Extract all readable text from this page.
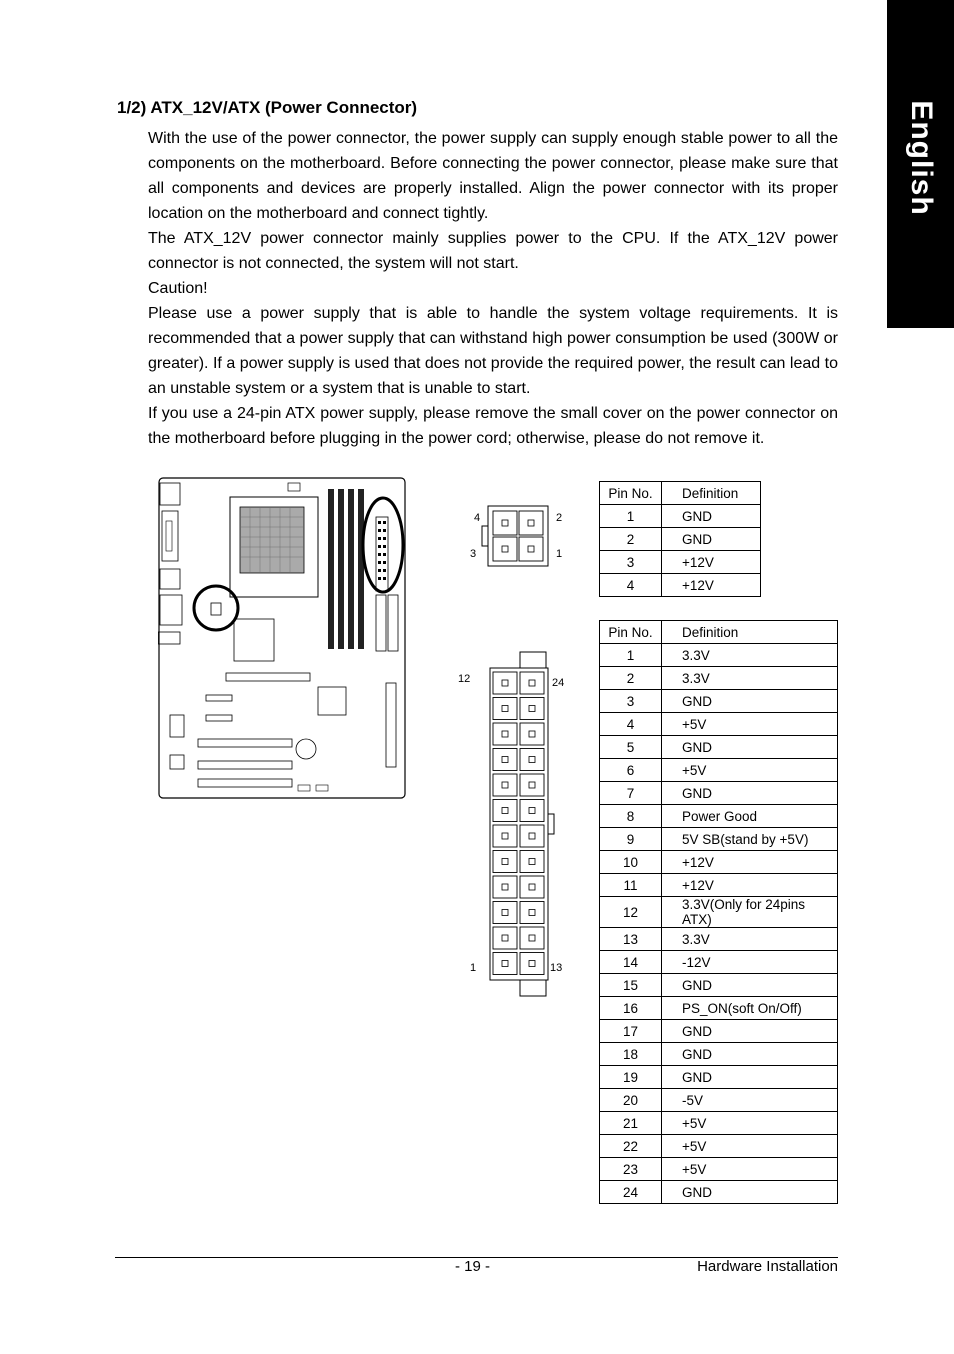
English
1/2) ATX_12V/ATX (Power Connector)

With the use of the power connector, the power supply can supply enough stable power to all the components on the motherboard. Before connecting the power connector, please make sure that all components and devices are properly installed. Align the power connector with its proper location on the motherboard and connect tightly.

The ATX_12V power connector mainly supplies power to the CPU. If the ATX_12V power connector is not connected, the system will not start.

Caution!

Please use a power supply that is able to handle the system voltage requirements. It is recommended that a power supply that can withstand high power consumption be used (300W or greater). If a power supply is used that does not provide the required power, the result can lead to an unstable system or a system that is unable to start.

If you use a 24-pin ATX power supply, please remove the small cover on the power connector on the motherboard before plugging in the power cord; otherwise, please do not remove it.

4	2
3	1
12	24
1	13
Pin No.	Definition
1	GND
2	GND
3	+12V
4	+12V
Pin No.	Definition
1	3.3V
2	3.3V
3	GND
4	+5V
5	GND
6	+5V
7	GND
8	Power Good
9	5V SB(stand by +5V)
10	+12V
11	+12V
12	3.3V(Only for 24pins ATX)
13	3.3V
14	-12V
15	GND
16	PS_ON(soft On/Off)
17	GND
18	GND
19	GND
20	-5V
21	+5V
22	+5V
23	+5V
24	GND
- 19 -	Hardware Installation
